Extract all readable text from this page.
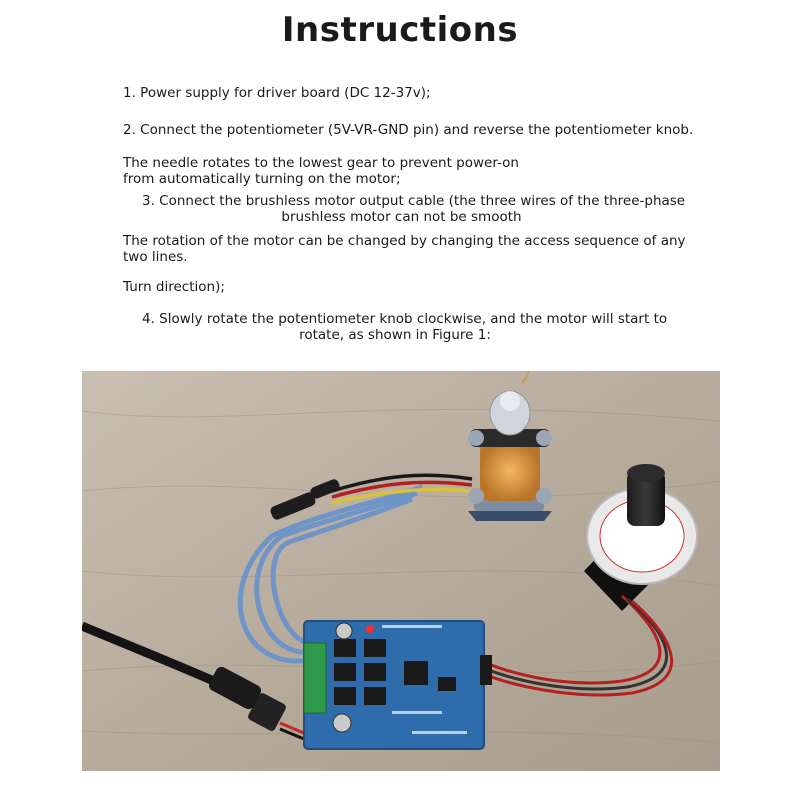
Instructions
1. Power supply for driver board (DC 12-37v);
2. Connect the potentiometer (5V-VR-GND pin) and reverse the potentiometer knob.
The needle rotates to the lowest gear to prevent power-on
from automatically turning on the motor;
3. Connect the brushless motor output cable (the three wires of the three-phase
brushless motor can not be smooth
The rotation of the motor can be changed by changing the access sequence of any
two lines.
Turn direction);
4. Slowly rotate the potentiometer knob clockwise, and the motor will start to
rotate, as shown in Figure 1:
